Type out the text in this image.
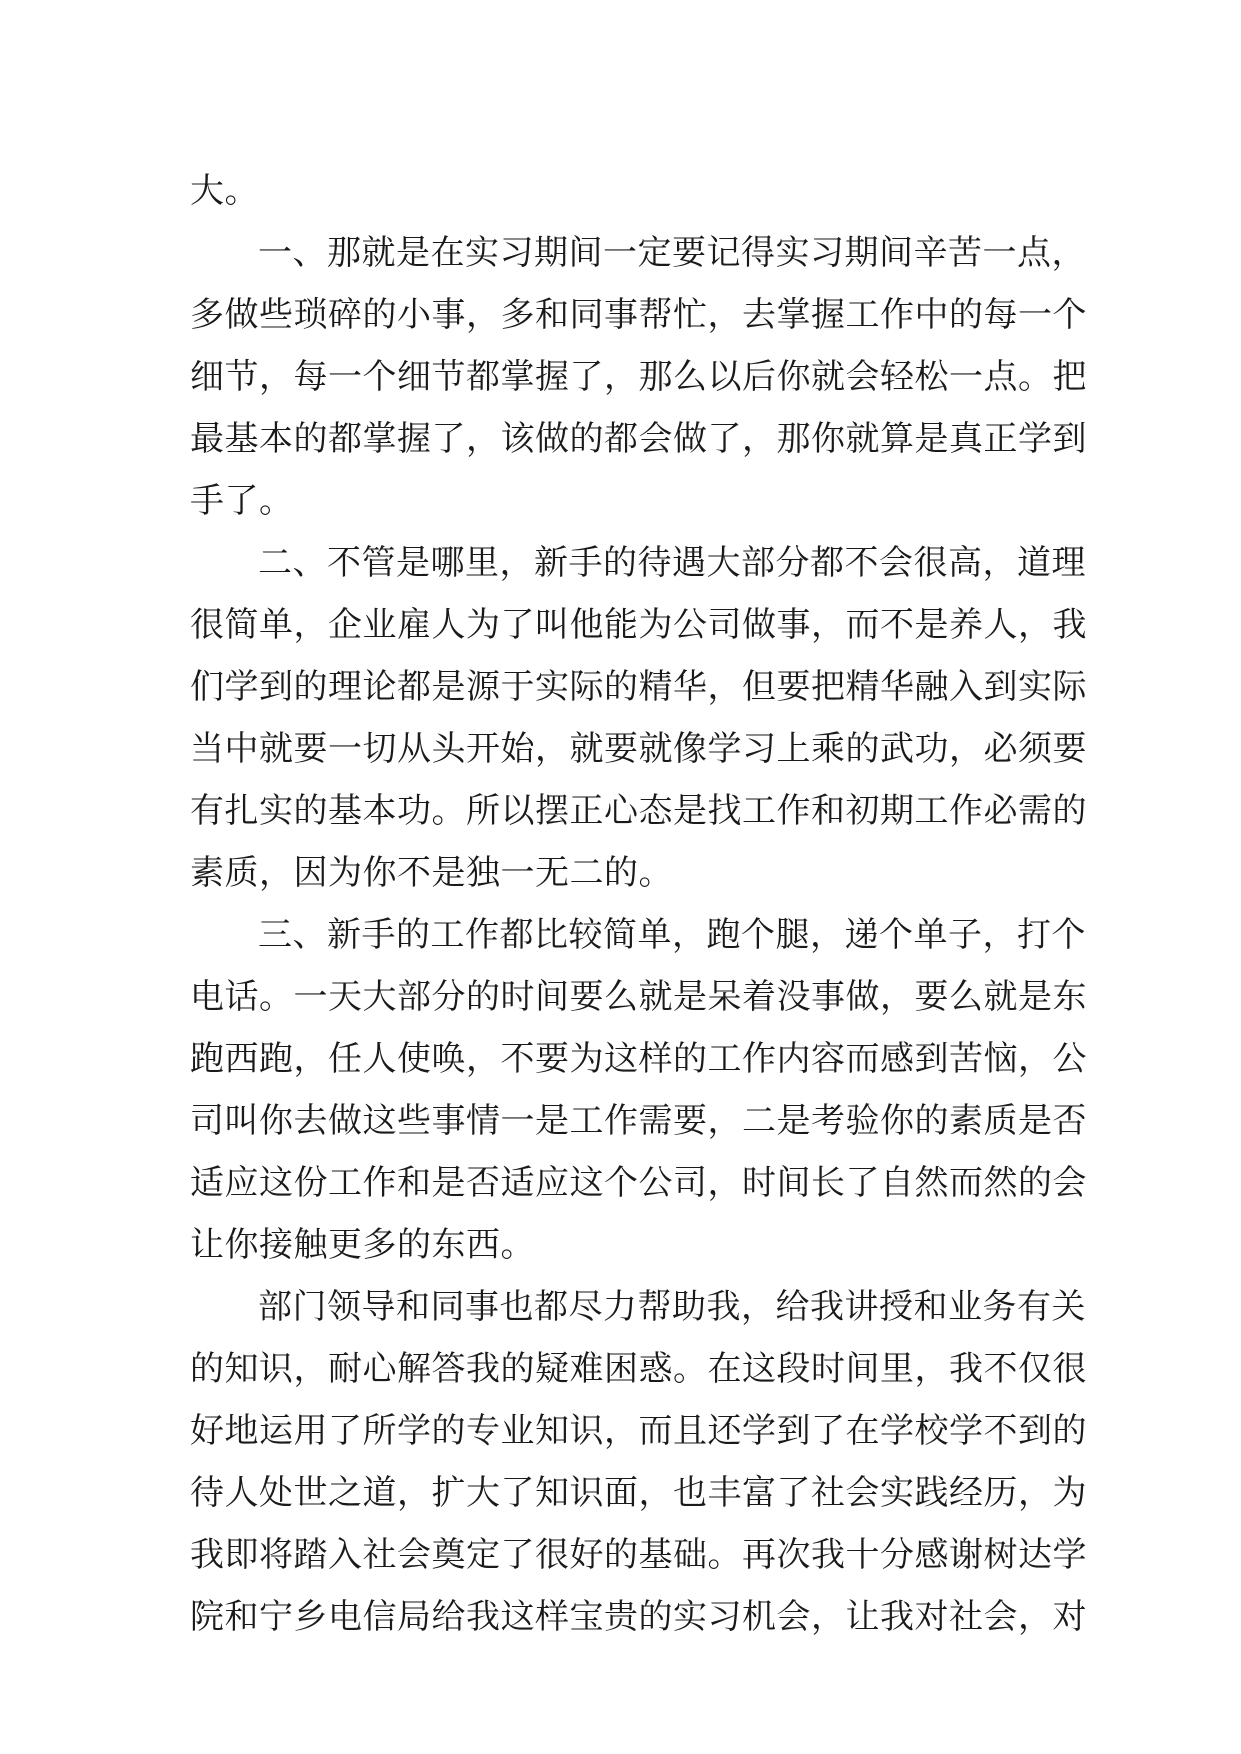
大。
一、那就是在实习期间一定要记得实习期间辛苦一点，
多做些琐碎的小事，多和同事帮忙，去掌握工作中的每一个
细节，每一个细节都掌握了，那么以后你就会轻松一点。把
最基本的都掌握了，该做的都会做了，那你就算是真正学到
手了。
二、不管是哪里，新手的待遇大部分都不会很高，道理
很简单，企业雇人为了叫他能为公司做事，而不是养人，我
们学到的理论都是源于实际的精华，但要把精华融入到实际
当中就要一切从头开始，就要就像学习上乘的武功，必须要
有扎实的基本功。所以摆正心态是找工作和初期工作必需的
素质，因为你不是独一无二的。
三、新手的工作都比较简单，跑个腿，递个单子，打个
电话。一天大部分的时间要么就是呆着没事做，要么就是东
跑西跑，任人使唤，不要为这样的工作内容而感到苦恼，公
司叫你去做这些事情一是工作需要，二是考验你的素质是否
适应这份工作和是否适应这个公司，时间长了自然而然的会
让你接触更多的东西。
部门领导和同事也都尽力帮助我，给我讲授和业务有关
的知识，耐心解答我的疑难困惑。在这段时间里，我不仅很
好地运用了所学的专业知识，而且还学到了在学校学不到的
待人处世之道，扩大了知识面，也丰富了社会实践经历，为
我即将踏入社会奠定了很好的基础。再次我十分感谢树达学
院和宁乡电信局给我这样宝贵的实习机会，让我对社会，对
